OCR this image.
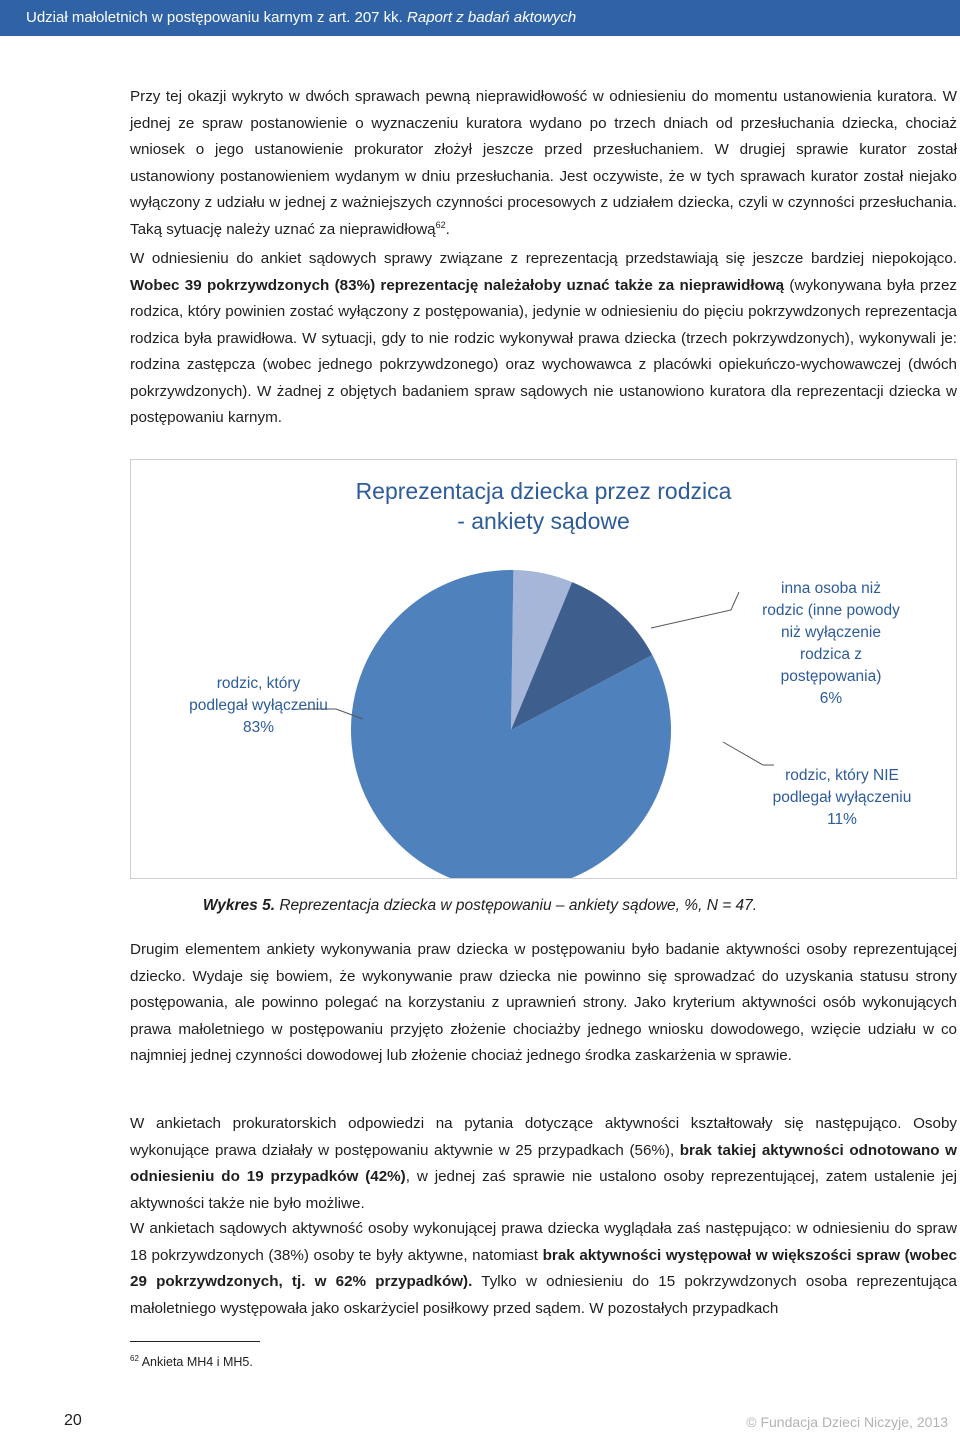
Udział małoletnich w postępowaniu karnym z art. 207 kk. Raport z badań aktowych

Przy tej okazji wykryto w dwóch sprawach pewną nieprawidłowość w odniesieniu do momentu ustanowienia kuratora. W jednej ze spraw postanowienie o wyznaczeniu kuratora wydano po trzech dniach od przesłuchania dziecka, chociaż wniosek o jego ustanowienie prokurator złożył jeszcze przed przesłuchaniem. W drugiej sprawie kurator został ustanowiony postanowieniem wydanym w dniu przesłuchania. Jest oczywiste, że w tych sprawach kurator został niejako wyłączony z udziału w jednej z ważniejszych czynności procesowych z udziałem dziecka, czyli w czynności przesłuchania. Taką sytuację należy uznać za nieprawidłową$^{62}$.

W odniesieniu do ankiet sądowych sprawy związane z reprezentacją przedstawiają się jeszcze bardziej niepokojąco. Wobec 39 pokrzywdzonych (83%) reprezentację należałoby uznać także za nieprawidłową (wykonywana była przez rodzica, który powinien zostać wyłączony z postępowania), jedynie w odniesieniu do pięciu pokrzywdzonych reprezentacja rodzica była prawidłowa. W sytuacji, gdy to nie rodzic wykonywał prawa dziecka (trzech pokrzywdzonych), wykonywali je: rodzina zastępcza (wobec jednego pokrzywdzonego) oraz wychowawca z placówki opiekuńczo-wychowawczej (dwóch pokrzywdzonych). W żadnej z objętych badaniem spraw sądowych nie ustanowiono kuratora dla reprezentacji dziecka w postępowaniu karnym.

Reprezentacja dziecka przez rodzica
- ankiety sądowe
rodzic, który
podlegał wyłączeniu
83%
rodzic, który NIE
podlegał wyłączeniu
11%
inna osoba niż
rodzic (inne powody
niż wyłączenie
rodzica z
postępowania)
6%
Wykres 5. Reprezentacja dziecka w postępowaniu – ankiety sądowe, %, N = 47.

Drugim elementem ankiety wykonywania praw dziecka w postępowaniu było badanie aktywności osoby reprezentującej dziecko. Wydaje się bowiem, że wykonywanie praw dziecka nie powinno się sprowadzać do uzyskania statusu strony postępowania, ale powinno polegać na korzystaniu z uprawnień strony. Jako kryterium aktywności osób wykonujących prawa małoletniego w postępowaniu przyjęto złożenie chociażby jednego wniosku dowodowego, wzięcie udziału w co najmniej jednej czynności dowodowej lub złożenie chociaż jednego środka zaskarżenia w sprawie.

W ankietach prokuratorskich odpowiedzi na pytania dotyczące aktywności kształtowały się następująco. Osoby wykonujące prawa działały w postępowaniu aktywnie w 25 przypadkach (56%), brak takiej aktywności odnotowano w odniesieniu do 19 przypadków (42%), w jednej zaś sprawie nie ustalono osoby reprezentującej, zatem ustalenie jej aktywności także nie było możliwe.

W ankietach sądowych aktywność osoby wykonującej prawa dziecka wyglądała zaś następująco: w odniesieniu do spraw 18 pokrzywdzonych (38%) osoby te były aktywne, natomiast brak aktywności występował w większości spraw (wobec 29 pokrzywdzonych, tj. w 62% przypadków). Tylko w odniesieniu do 15 pokrzywdzonych osoba reprezentująca małoletniego występowała jako oskarżyciel posiłkowy przed sądem. W pozostałych przypadkach

$^{62}$ Ankieta MH4 i MH5.
20	© Fundacja Dzieci Niczyje, 2013
